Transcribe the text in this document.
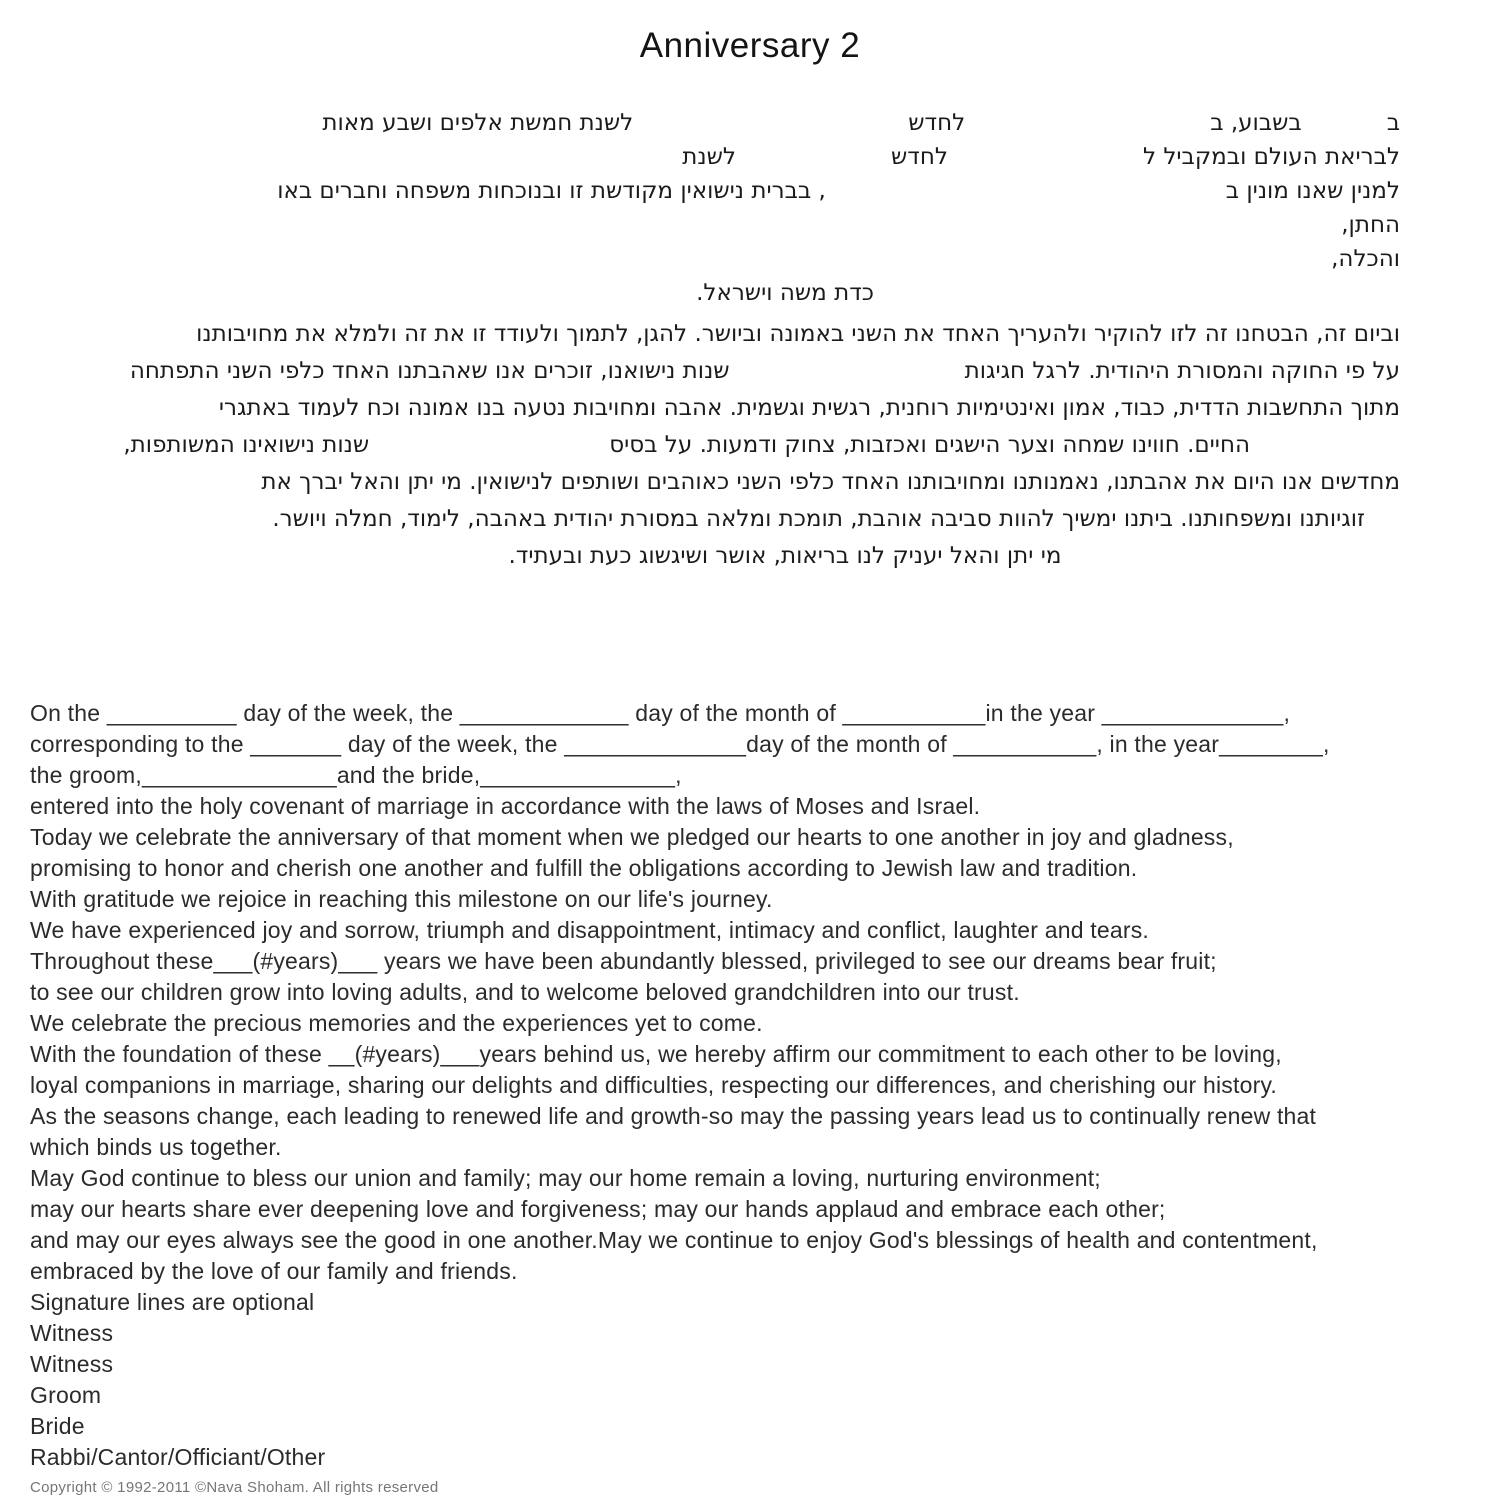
Anniversary 2
בבשבוע, בלחדשלשנת חמשת אלפים ושבע מאות
לבריאת העולם ובמקביל ללחדשלשנת
למנין שאנו מונין ב, בברית נישואין מקודשת זו ובנוכחות משפחה וחברים באו
החתן,
והכלה,
כדת משה וישראל.
וביום זה, הבטחנו זה לזו להוקיר ולהעריך האחד את השני באמונה וביושר. להגן, לתמוך ולעודד זו את זה ולמלא את מחויבותנו
על פי החוקה והמסורת היהודית. לרגל חגיגותשנות נישואנו, זוכרים אנו שאהבתנו האחד כלפי השני התפתחה
מתוך התחשבות הדדית, כבוד, אמון ואינטימיות רוחנית, רגשית וגשמית. אהבה ומחויבות נטעה בנו אמונה וכח לעמוד באתגרי
החיים. חווינו שמחה וצער הישגים ואכזבות, צחוק ודמעות. על בסיסשנות נישואינו המשותפות,
מחדשים אנו היום את אהבתנו, נאמנותנו ומחויבותנו האחד כלפי השני כאוהבים ושותפים לנישואין. מי יתן והאל יברך את
זוגיותנו ומשפחותנו. ביתנו ימשיך להוות סביבה אוהבת, תומכת ומלאה במסורת יהודית באהבה, לימוד, חמלה ויושר.
מי יתן והאל יעניק לנו בריאות, אושר ושיגשוג כעת ובעתיד.
On the __________ day of the week, the _____________ day of the month of ___________in the year ______________,
corresponding to the _______ day of the week, the ______________day of the month of ___________, in the year________,
the groom,_______________and the bride,_______________,
entered into the holy covenant of marriage in accordance with the laws of Moses and Israel.
Today we celebrate the anniversary of that moment when we pledged our hearts to one another in joy and gladness,
promising to honor and cherish one another and fulfill the obligations according to Jewish law and tradition.
With gratitude we rejoice in reaching this milestone on our life's journey.
We have experienced joy and sorrow, triumph and disappointment, intimacy and conflict, laughter and tears.
Throughout these___(#years)___ years we have been abundantly blessed, privileged to see our dreams bear fruit;
to see our children grow into loving adults, and to welcome beloved grandchildren into our trust.
We celebrate the precious memories and the experiences yet to come.
With the foundation of these __(#years)___years behind us, we hereby affirm our commitment to each other to be loving,
loyal companions in marriage, sharing our delights and difficulties, respecting our differences, and cherishing our history.
As the seasons change, each leading to renewed life and growth-so may the passing years lead us to continually renew that
which binds us together.
May God continue to bless our union and family; may our home remain a loving, nurturing environment;
may our hearts share ever deepening love and forgiveness; may our hands applaud and embrace each other;
and may our eyes always see the good in one another.May we continue to enjoy God's blessings of health and contentment,
embraced by the love of our family and friends.
Signature lines are optional
Witness
Witness
Groom
Bride
Rabbi/Cantor/Officiant/Other
Copyright © 1992-2011 ©Nava Shoham. All rights reserved
